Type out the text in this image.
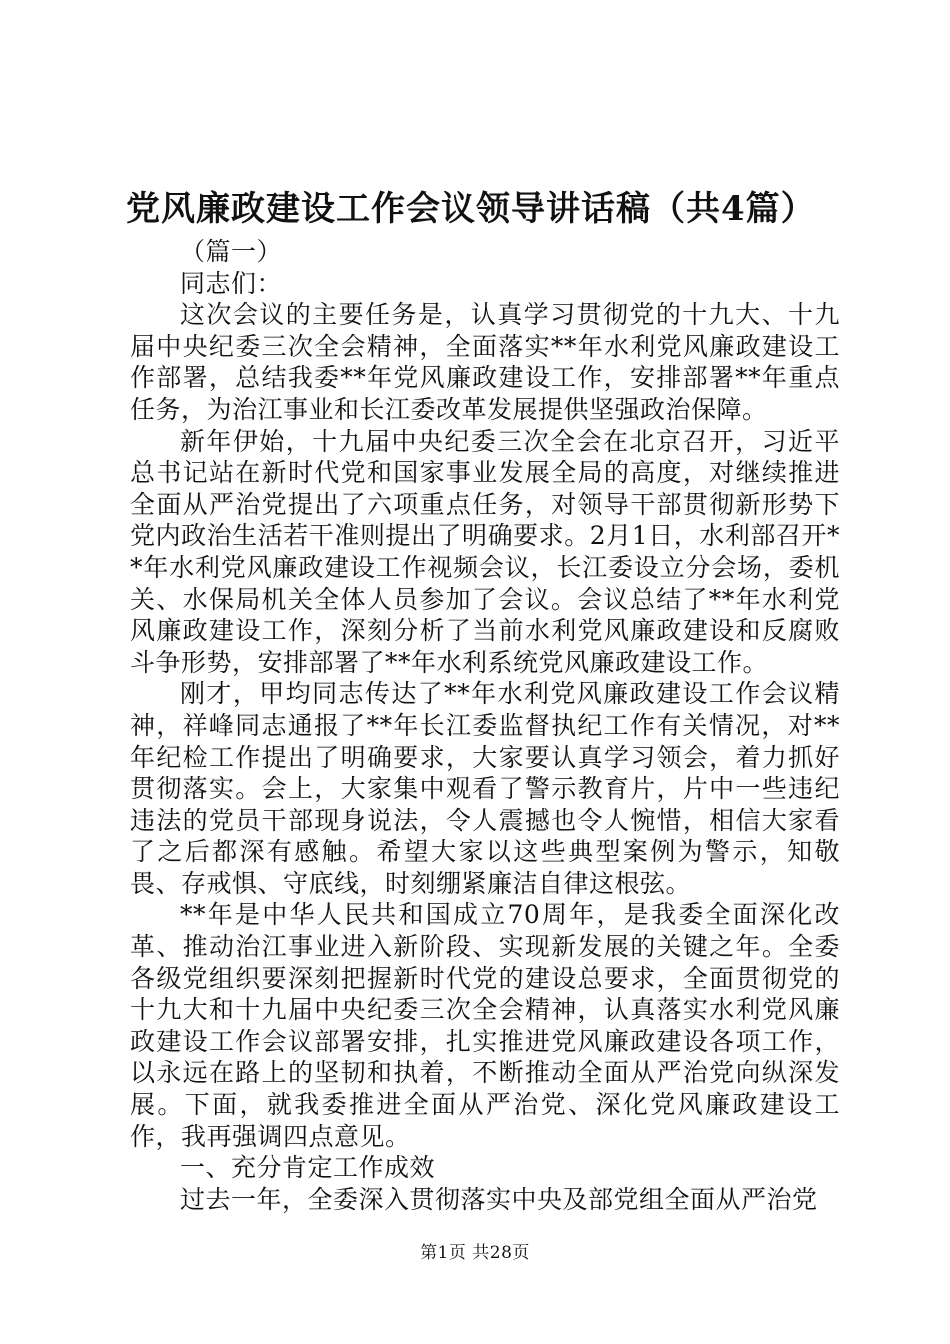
党风廉政建设工作会议领导讲话稿（共4篇）

（篇一）

同志们：

这次会议的主要任务是，认真学习贯彻党的十九大、十九届中央纪委三次全会精神，全面落实**年水利党风廉政建设工作部署，总结我委**年党风廉政建设工作，安排部署**年重点任务，为治江事业和长江委改革发展提供坚强政治保障。

新年伊始，十九届中央纪委三次全会在北京召开，习近平总书记站在新时代党和国家事业发展全局的高度，对继续推进全面从严治党提出了六项重点任务，对领导干部贯彻新形势下党内政治生活若干准则提出了明确要求。2月1日，水利部召开**年水利党风廉政建设工作视频会议，长江委设立分会场，委机关、水保局机关全体人员参加了会议。会议总结了**年水利党风廉政建设工作，深刻分析了当前水利党风廉政建设和反腐败斗争形势，安排部署了**年水利系统党风廉政建设工作。

刚才，甲均同志传达了**年水利党风廉政建设工作会议精神，祥峰同志通报了**年长江委监督执纪工作有关情况，对**年纪检工作提出了明确要求，大家要认真学习领会，着力抓好贯彻落实。会上，大家集中观看了警示教育片，片中一些违纪违法的党员干部现身说法，令人震撼也令人惋惜，相信大家看了之后都深有感触。希望大家以这些典型案例为警示，知敬畏、存戒惧、守底线，时刻绷紧廉洁自律这根弦。

**年是中华人民共和国成立70周年，是我委全面深化改革、推动治江事业进入新阶段、实现新发展的关键之年。全委各级党组织要深刻把握新时代党的建设总要求，全面贯彻党的十九大和十九届中央纪委三次全会精神，认真落实水利党风廉政建设工作会议部署安排，扎实推进党风廉政建设各项工作，以永远在路上的坚韧和执着，不断推动全面从严治党向纵深发展。下面，就我委推进全面从严治党、深化党风廉政建设工作，我再强调四点意见。

一、充分肯定工作成效

过去一年，全委深入贯彻落实中央及部党组全面从严治党

第1页 共28页
